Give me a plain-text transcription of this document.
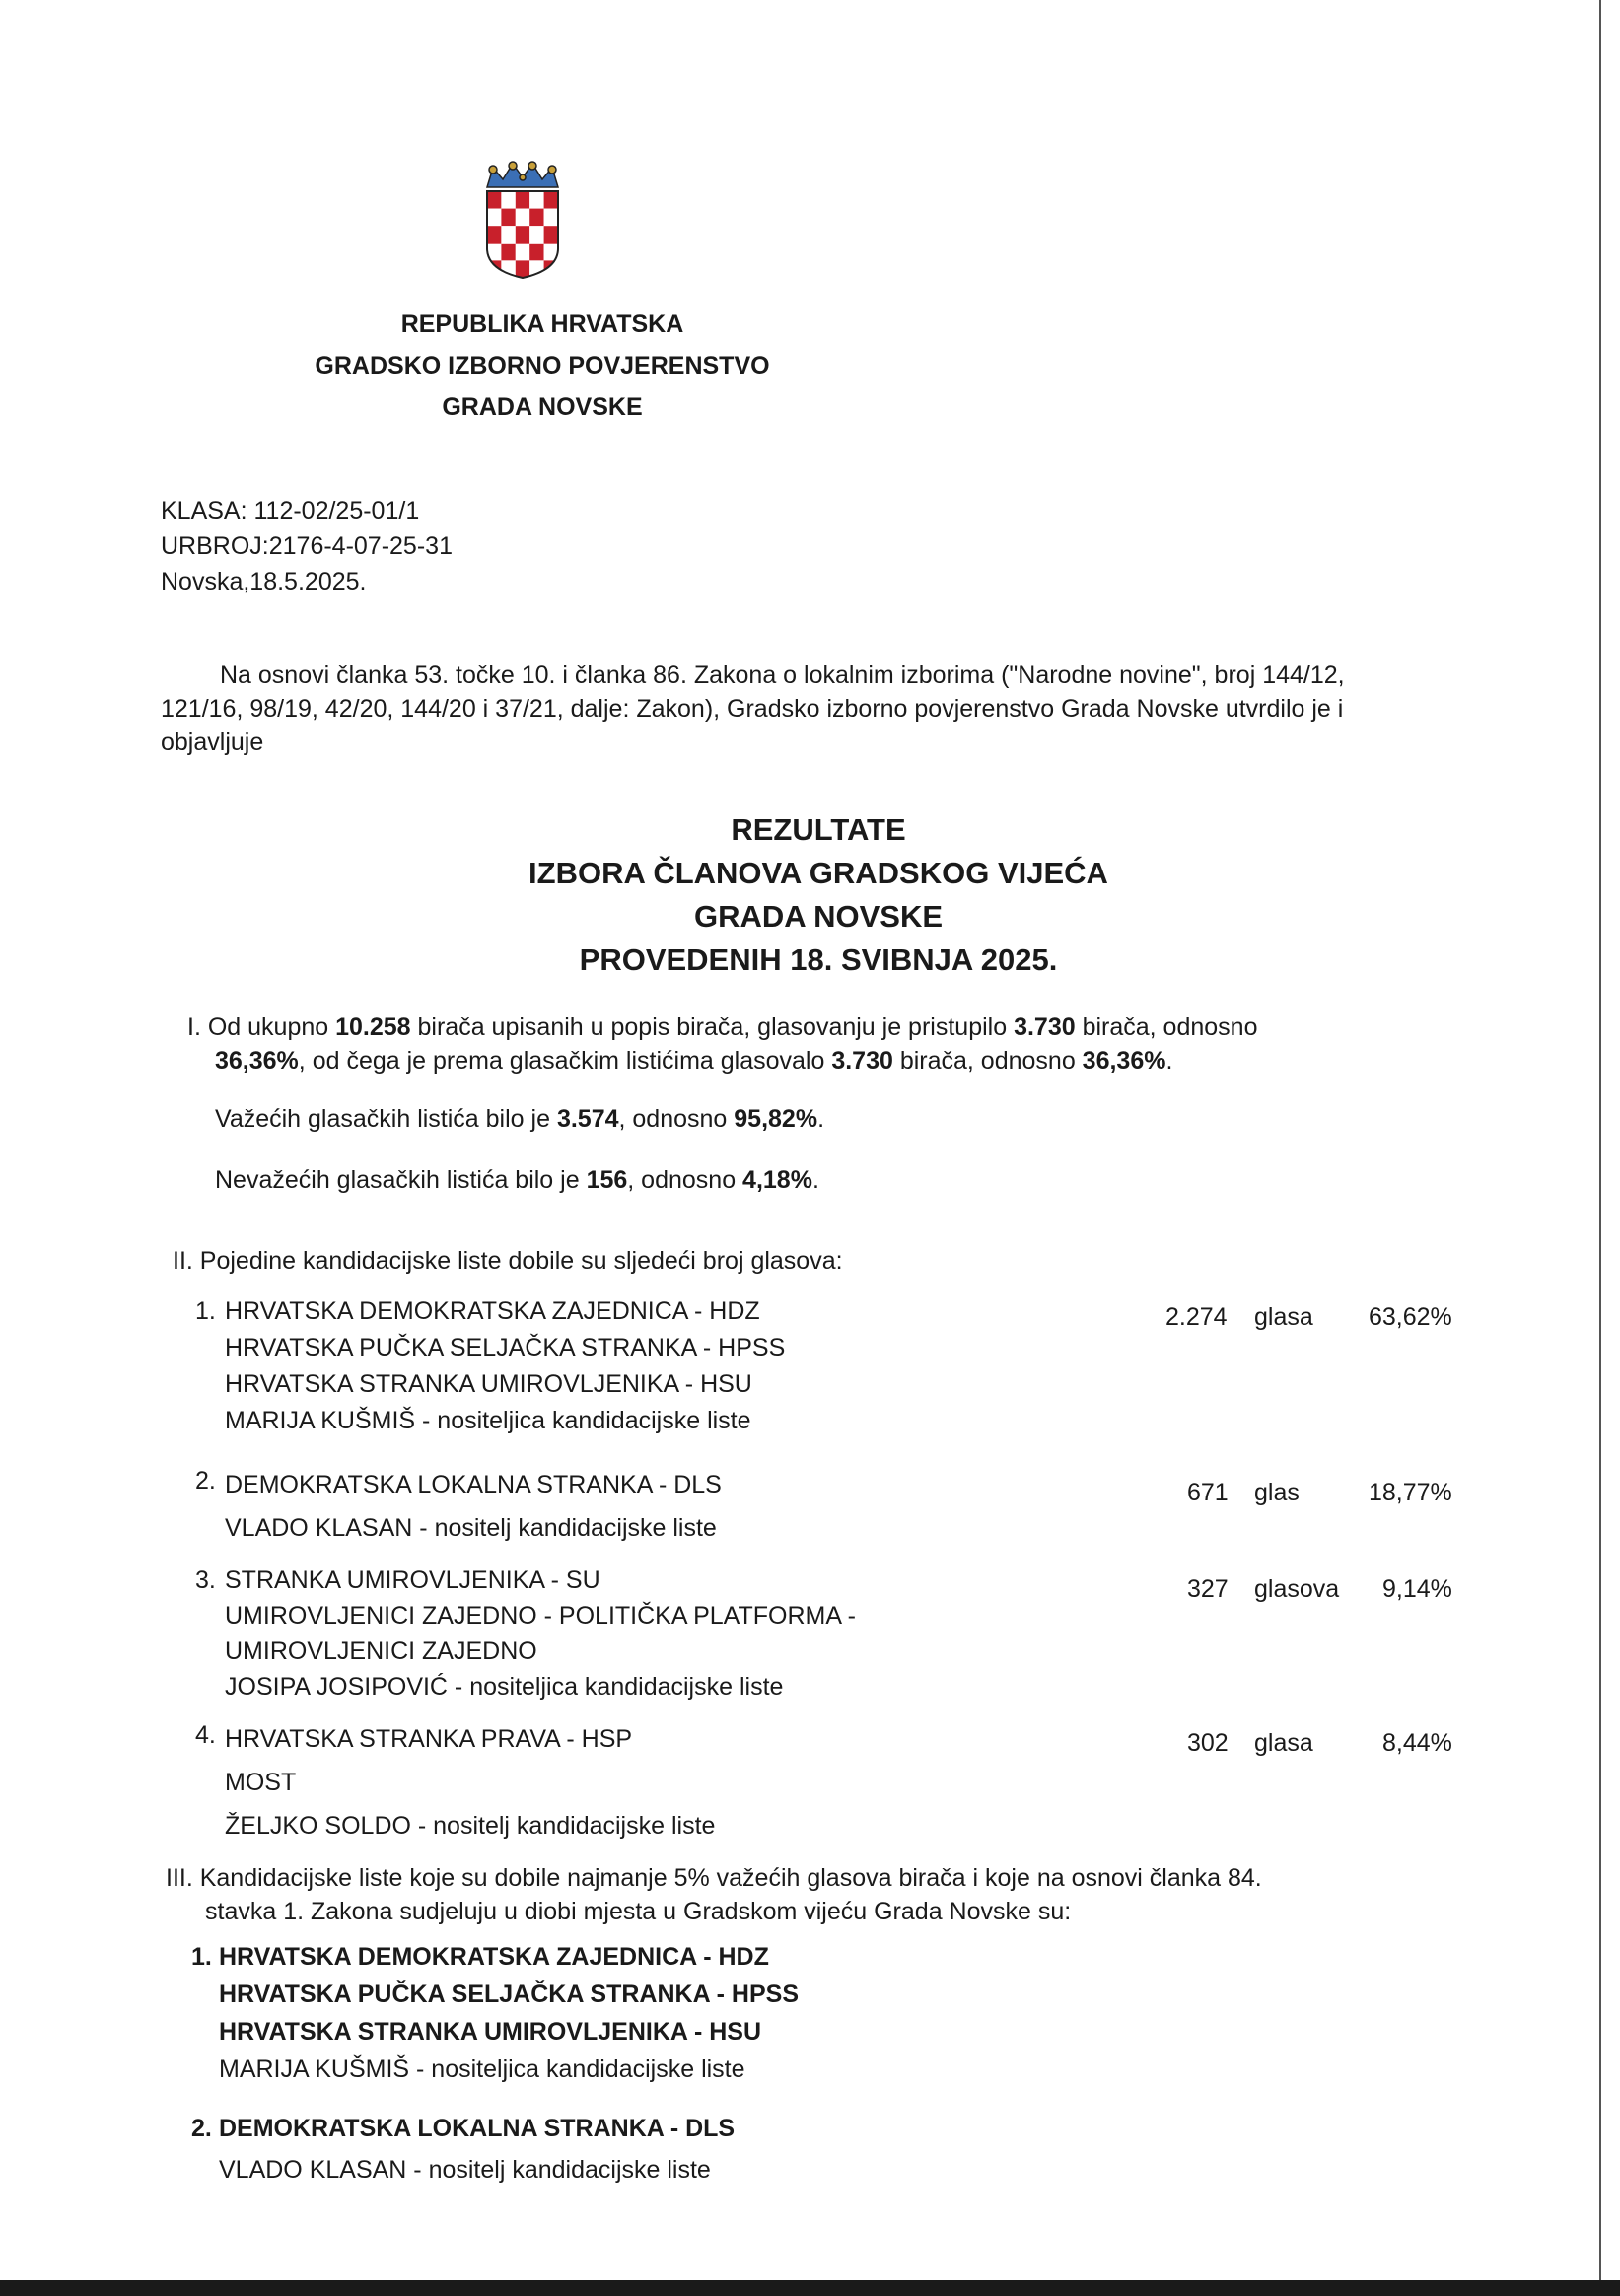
REPUBLIKA HRVATSKA
GRADSKO IZBORNO POVJERENSTVO
GRADA NOVSKE
KLASA: 112-02/25-01/1
URBROJ:2176-4-07-25-31
Novska,18.5.2025.
Na osnovi članka 53. točke 10. i članka 86. Zakona o lokalnim izborima ("Narodne novine", broj 144/12,
121/16, 98/19, 42/20, 144/20 i 37/21, dalje: Zakon), Gradsko izborno povjerenstvo Grada Novske utvrdilo je i
objavljuje
REZULTATE
IZBORA ČLANOVA GRADSKOG VIJEĆA
GRADA NOVSKE
PROVEDENIH 18. SVIBNJA 2025.
I. Od ukupno 10.258 birača upisanih u popis birača, glasovanju je pristupilo 3.730 birača, odnosno
36,36%, od čega je prema glasačkim listićima glasovalo 3.730 birača, odnosno 36,36%.
Važećih glasačkih listića bilo je 3.574, odnosno 95,82%.
Nevažećih glasačkih listića bilo je 156, odnosno 4,18%.
II. Pojedine kandidacijske liste dobile su sljedeći broj glasova:
1. HRVATSKA DEMOKRATSKA ZAJEDNICA - HDZ
HRVATSKA PUČKA SELJAČKA STRANKA - HPSS
HRVATSKA STRANKA UMIROVLJENIKA - HSU
MARIJA KUŠMIŠ - nositeljica kandidacijske liste
2.274 glasa 63,62%
2. DEMOKRATSKA LOKALNA STRANKA - DLS
VLADO KLASAN - nositelj kandidacijske liste
671 glas	18,77%
3. STRANKA UMIROVLJENIKA - SU
UMIROVLJENICI ZAJEDNO - POLITIČKA PLATFORMA -
UMIROVLJENICI ZAJEDNO
JOSIPA JOSIPOVIĆ - nositeljica kandidacijske liste
327 glasova 9,14%
4. HRVATSKA STRANKA PRAVA - HSP
MOST
ŽELJKO SOLDO - nositelj kandidacijske liste
302 glasa	8,44%
III. Kandidacijske liste koje su dobile najmanje 5% važećih glasova birača i koje na osnovi članka 84.
stavka 1. Zakona sudjeluju u diobi mjesta u Gradskom vijeću Grada Novske su:
1. HRVATSKA DEMOKRATSKA ZAJEDNICA - HDZ
HRVATSKA PUČKA SELJAČKA STRANKA - HPSS
HRVATSKA STRANKA UMIROVLJENIKA - HSU
MARIJA KUŠMIŠ - nositeljica kandidacijske liste
2. DEMOKRATSKA LOKALNA STRANKA - DLS
VLADO KLASAN - nositelj kandidacijske liste
